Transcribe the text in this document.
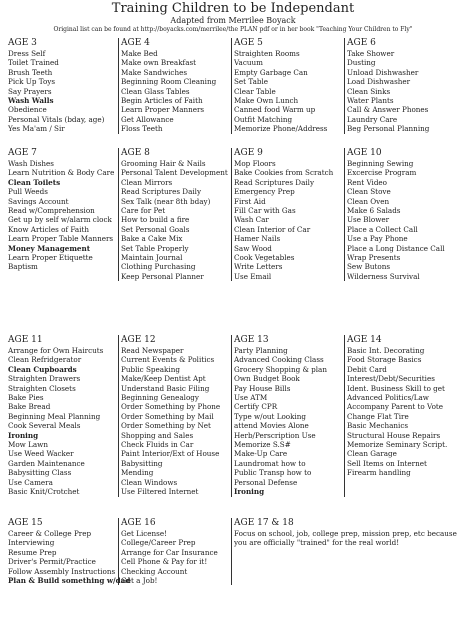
Training Children to be Independant
Adapted from Merrilee Boyack
Original list can be found at http://boyacks.com/merrilee/the PLAN pdf or in her book "Teaching Your Children to Fly"
AGE 3
Dress Self
Toilet Trained
Brush Teeth
Pick Up Toys
Say Prayers
Wash Walls
Obedience
Personal Vitals (bday, age)
Yes Ma'am / Sir
AGE 4
Make Bed
Make own Breakfast
Make Sandwiches
Beginning Room Cleaning
Clean Glass Tables
Begin Articles of Faith
Learn Proper Manners
Get Allowance
Floss Teeth
AGE 5
Straighten Rooms
Vacuum
Empty Garbage Can
Set Table
Clear Table
Make Own Lunch
Canned food Warm up
Outfit Matching
Memorize Phone/Address
AGE 6
Take Shower
Dusting
Unload Dishwasher
Load Dishwasher
Clean Sinks
Water Plants
Call & Answer Phones
Laundry Care
Beg Personal Planning
AGE 7
Wash Dishes
Learn Nutrition & Body Care
Clean Toilets
Pull Weeds
Savings Account
Read w/Comprehension
Get up by self w/alarm clock
Know Articles of Faith
Learn Proper Table Manners
Money Management
Learn Proper Etiquette
Baptism
AGE 8
Grooming Hair & Nails
Personal Talent Development
Clean Mirrors
Read Scriptures Daily
Sex Talk (near 8th bday)
Care for Pet
How to build a fire
Set Personal Goals
Bake a Cake Mix
Set Table Properly
Maintain Journal
Clothing Purchasing
Keep Personal Planner
AGE 9
Mop Floors
Bake Cookies from Scratch
Read Scriptures Daily
Emergency Prep
First Aid
Fill Car with Gas
Wash Car
Clean Interior of Car
Hamer Nails
Saw Wood
Cook Vegetables
Write Letters
Use Email
AGE 10
Beginning Sewing
Excercise Program
Rent Video
Clean Stove
Clean Oven
Make 6 Salads
Use Blower
Place a Collect Call
Use a Pay Phone
Place a Long Distance Call
Wrap Presents
Sew Butons
Wilderness Survival
AGE 11
Arrange for Own Haircuts
Clean Refridgerator
Clean Cupboards
Straighten Drawers
Straighten Closets
Bake Pies
Bake Bread
Beginning Meal Planning
Cook Several Meals
Ironing
Mow Lawn
Use Weed Wacker
Garden Maintenance
Babysitting Class
Use Camera
Basic Knit/Crotchet
AGE 12
Read Newspaper
Current Events & Politics
Public Speaking
Make/Keep Dentist Apt
Understand Basic Filing
Beginning Genealogy
Order Something by Phone
Order Something by Mail
Order Something by Net
Shopping and Sales
Check Fluids in Car
Paint Interior/Ext of House
Babysitting
Mending
Clean Windows
Use Filtered Internet
AGE 13
Party Planning
Advanced Cooking Class
Grocery Shopping & plan
Own Budget Book
Pay House Bills
Use ATM
Certify CPR
Type w/out Looking
attend Movies Alone
Herb/Perscription Use
Memorize S.S#
Make-Up Care
Laundromat how to
Public Transp how to
Personal Defense
Ironing
AGE 14
Basic Int. Decorating
Food Storage Basics
Debit Card
Interest/Debt/Securities
Ident. Business Skill to get
Advanced Politics/Law
Accompany Parent to Vote
Change Flat Tire
Basic Mechanics
Structural House Repairs
Memorize Seminary Script.
Clean Garage
Sell Items on Internet
Firearm handling
AGE 15
Career & College Prep
Interviewing
Resume Prep
Driver's Permit/Practice
Follow Assembly Instructions
Plan & Build something w/dad
AGE 16
Get License!
College/Career Prep
Arrange for Car Insurance
Cell Phone & Pay for it!
Checking Account
Get a Job!
AGE 17 & 18
Focus on school, job, college prep, mission prep, etc because you are officially "trained" for the real world!
